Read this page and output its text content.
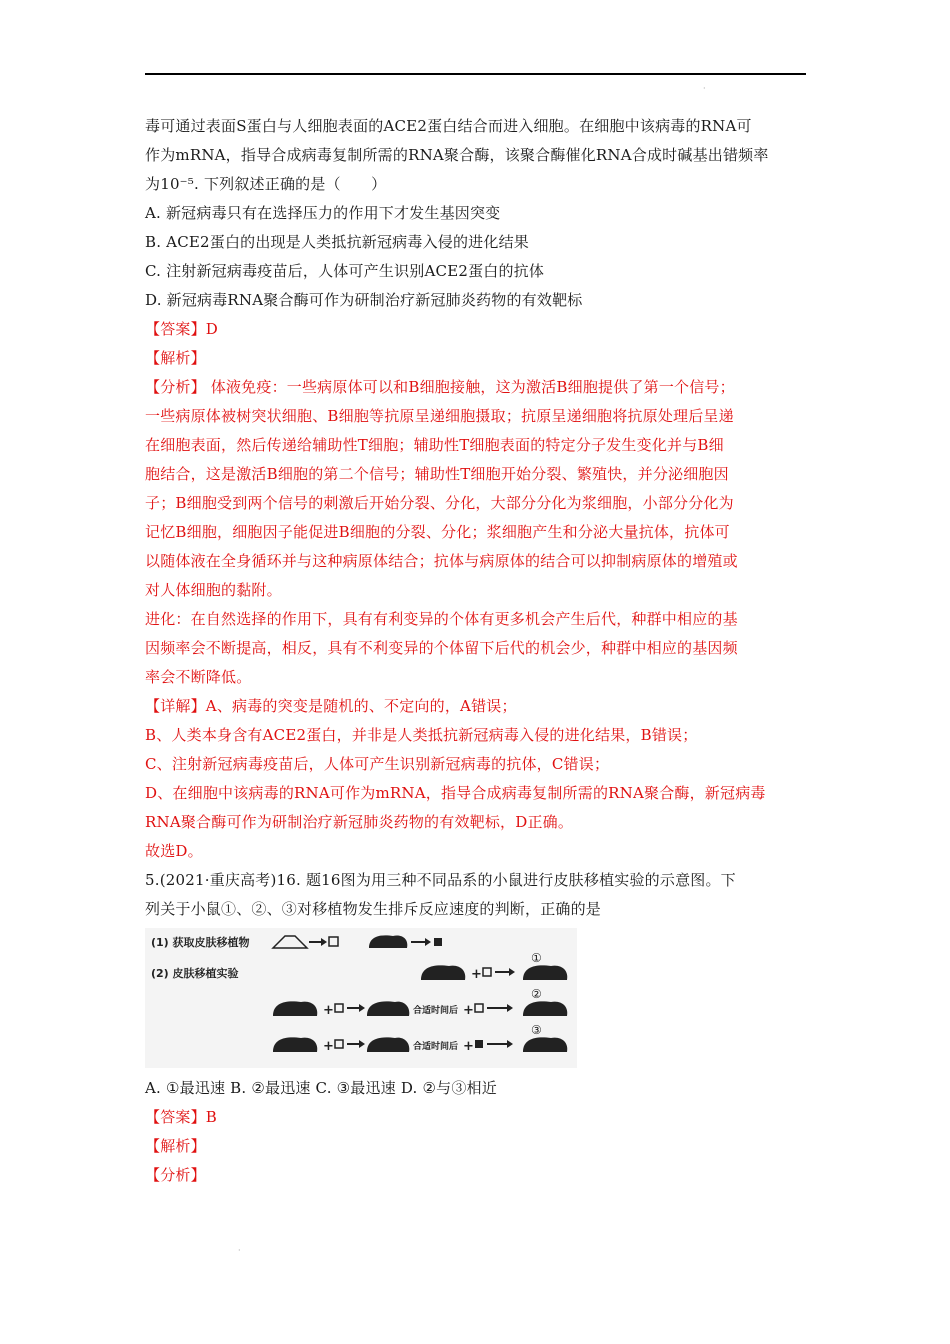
·
毒可通过表面S蛋白与人细胞表面的ACE2蛋白结合而进入细胞。在细胞中该病毒的RNA可
作为mRNA，指导合成病毒复制所需的RNA聚合酶，该聚合酶催化RNA合成时碱基出错频率
为10⁻⁵. 下列叙述正确的是（　　）
A. 新冠病毒只有在选择压力的作用下才发生基因突变
B. ACE2蛋白的出现是人类抵抗新冠病毒入侵的进化结果
C. 注射新冠病毒疫苗后，人体可产生识别ACE2蛋白的抗体
D. 新冠病毒RNA聚合酶可作为研制治疗新冠肺炎药物的有效靶标
【答案】D
【解析】
【分析】 体液免疫：一些病原体可以和B细胞接触，这为激活B细胞提供了第一个信号；
一些病原体被树突状细胞、B细胞等抗原呈递细胞摄取；抗原呈递细胞将抗原处理后呈递
在细胞表面，然后传递给辅助性T细胞；辅助性T细胞表面的特定分子发生变化并与B细
胞结合，这是激活B细胞的第二个信号；辅助性T细胞开始分裂、繁殖快，并分泌细胞因
子；B细胞受到两个信号的刺激后开始分裂、分化，大部分分化为浆细胞，小部分分化为
记忆B细胞，细胞因子能促进B细胞的分裂、分化；浆细胞产生和分泌大量抗体，抗体可
以随体液在全身循环并与这种病原体结合；抗体与病原体的结合可以抑制病原体的增殖或
对人体细胞的黏附。
进化：在自然选择的作用下，具有有利变异的个体有更多机会产生后代，种群中相应的基
因频率会不断提高，相反，具有不利变异的个体留下后代的机会少，种群中相应的基因频
率会不断降低。
【详解】A、病毒的突变是随机的、不定向的，A错误；
B、人类本身含有ACE2蛋白，并非是人类抵抗新冠病毒入侵的进化结果，B错误；
C、注射新冠病毒疫苗后，人体可产生识别新冠病毒的抗体，C错误；
D、在细胞中该病毒的RNA可作为mRNA，指导合成病毒复制所需的RNA聚合酶，新冠病毒
RNA聚合酶可作为研制治疗新冠肺炎药物的有效靶标，D正确。
故选D。
5.(2021·重庆高考)16. 题16图为用三种不同品系的小鼠进行皮肤移植实验的示意图。下
列关于小鼠①、②、③对移植物发生排斥反应速度的判断，正确的是
(1) 获取皮肤移植物
(2) 皮肤移植实验	+
①
+	合适时间后 +
②
+	合适时间后 +
③
A. ①最迅速 B. ②最迅速 C. ③最迅速 D. ②与③相近
【答案】B
【解析】
【分析】
·
